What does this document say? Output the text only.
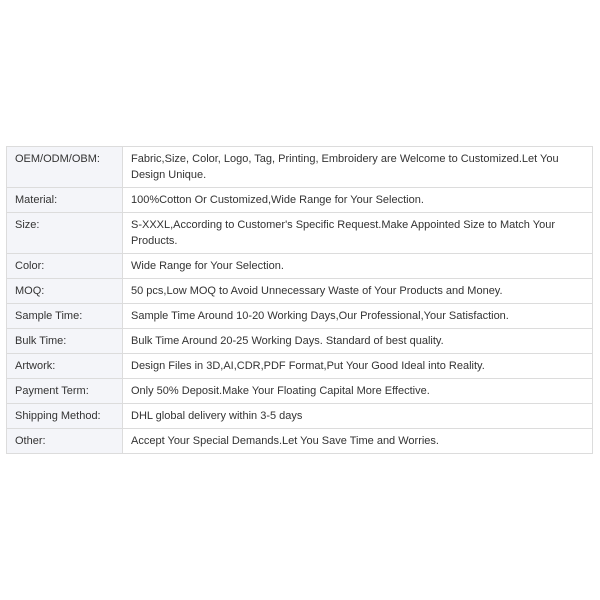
OEM/ODM/OBM:	Fabric,Size, Color, Logo, Tag, Printing, Embroidery are Welcome to Customized.Let You Design Unique.
Material:	100%Cotton Or Customized,Wide Range for Your Selection.
Size:	S-XXXL,According to Customer's Specific Request.Make Appointed Size to Match Your Products.
Color:	Wide Range for Your Selection.
MOQ:	50 pcs,Low MOQ to Avoid Unnecessary Waste of Your Products and Money.
Sample Time:	Sample Time Around 10-20 Working Days,Our Professional,Your Satisfaction.
Bulk Time:	Bulk Time Around 20-25 Working Days. Standard of best quality.
Artwork:	Design Files in 3D,AI,CDR,PDF Format,Put Your Good Ideal into Reality.
Payment Term:	Only 50% Deposit.Make Your Floating Capital More Effective.
Shipping Method:	DHL global delivery within 3-5 days
Other:	Accept Your Special Demands.Let You Save Time and Worries.
